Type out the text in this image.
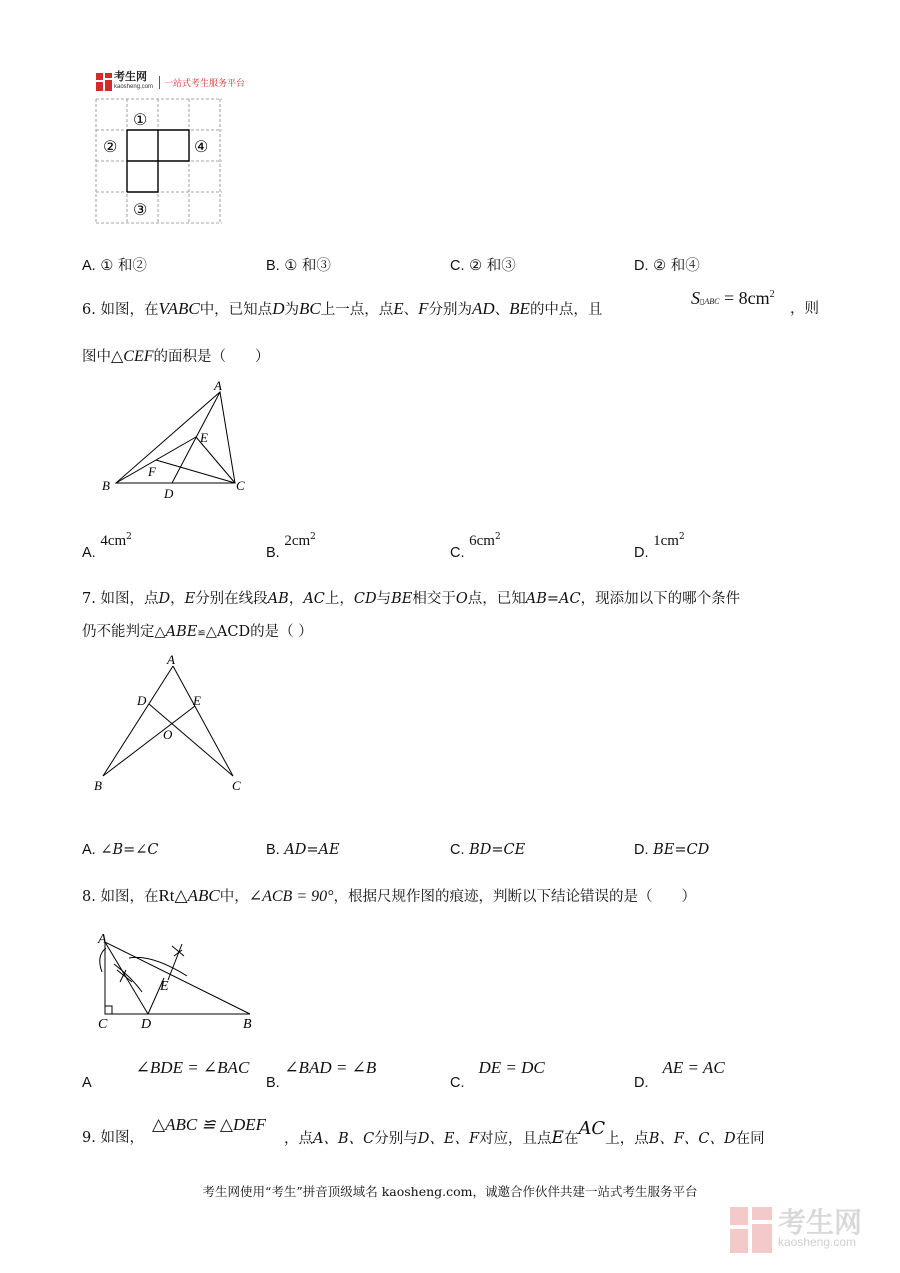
考生网
kaosheng.com	一站式考生服务平台
①
②
③
④
A. ① 和②	B. ① 和③	C. ② 和③	D. ② 和④
6. 如图，在VABC中，已知点D为BC上一点，点E、F分别为AD、BE的中点，且
S▯ABC = $8cm^2$
，则
图中△CEF的面积是（　　）
A
B	C
D
E
F
A. $4cm^2$
B. $2cm^2$
C. $6cm^2$
D. $1cm^2$
7. 如图，点D，E分别在线段AB，AC上，CD与BE相交于O点，已知AB=AC，现添加以下的哪个条件
仍不能判定△ABE≌△ACD的是（ ）
A
B	C
D	E
O
A. ∠B=∠C	B. AD=AE	C. BD=CE	D. BE=CD
8. 如图，在Rt△ABC中，∠ACB = 90°，根据尺规作图的痕迹，判断以下结论错误的是（　　）
A
C D	B
E
A∠BDE = ∠BAC
B. ∠BAD = ∠B
C.DE = DC
D.AE = AC
9. 如图，
△ABC ≌ △DEF
，点A、B、C分别与D、E、F对应，且点E在AC上，点B、F、C、D在同
考生网使用“考生”拼音顶级域名 kaosheng.com，诚邀合作伙伴共建一站式考生服务平台
考生网
kaosheng.com
